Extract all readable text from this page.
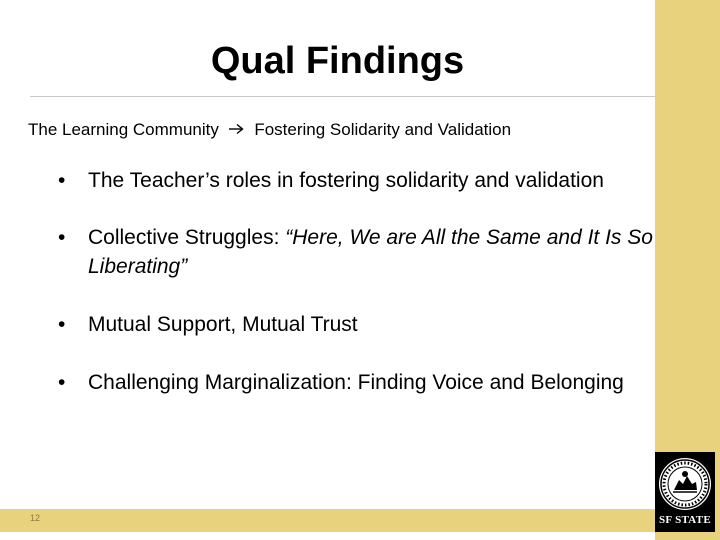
Qual Findings
The Learning Community Fostering Solidarity and Validation
• The Teacher’s roles in fostering solidarity and validation
• Collective Struggles: “Here, We are All the Same and It Is So Liberating”
• Mutual Support, Mutual Trust
• Challenging Marginalization: Finding Voice and Belonging
12	SF STATE
